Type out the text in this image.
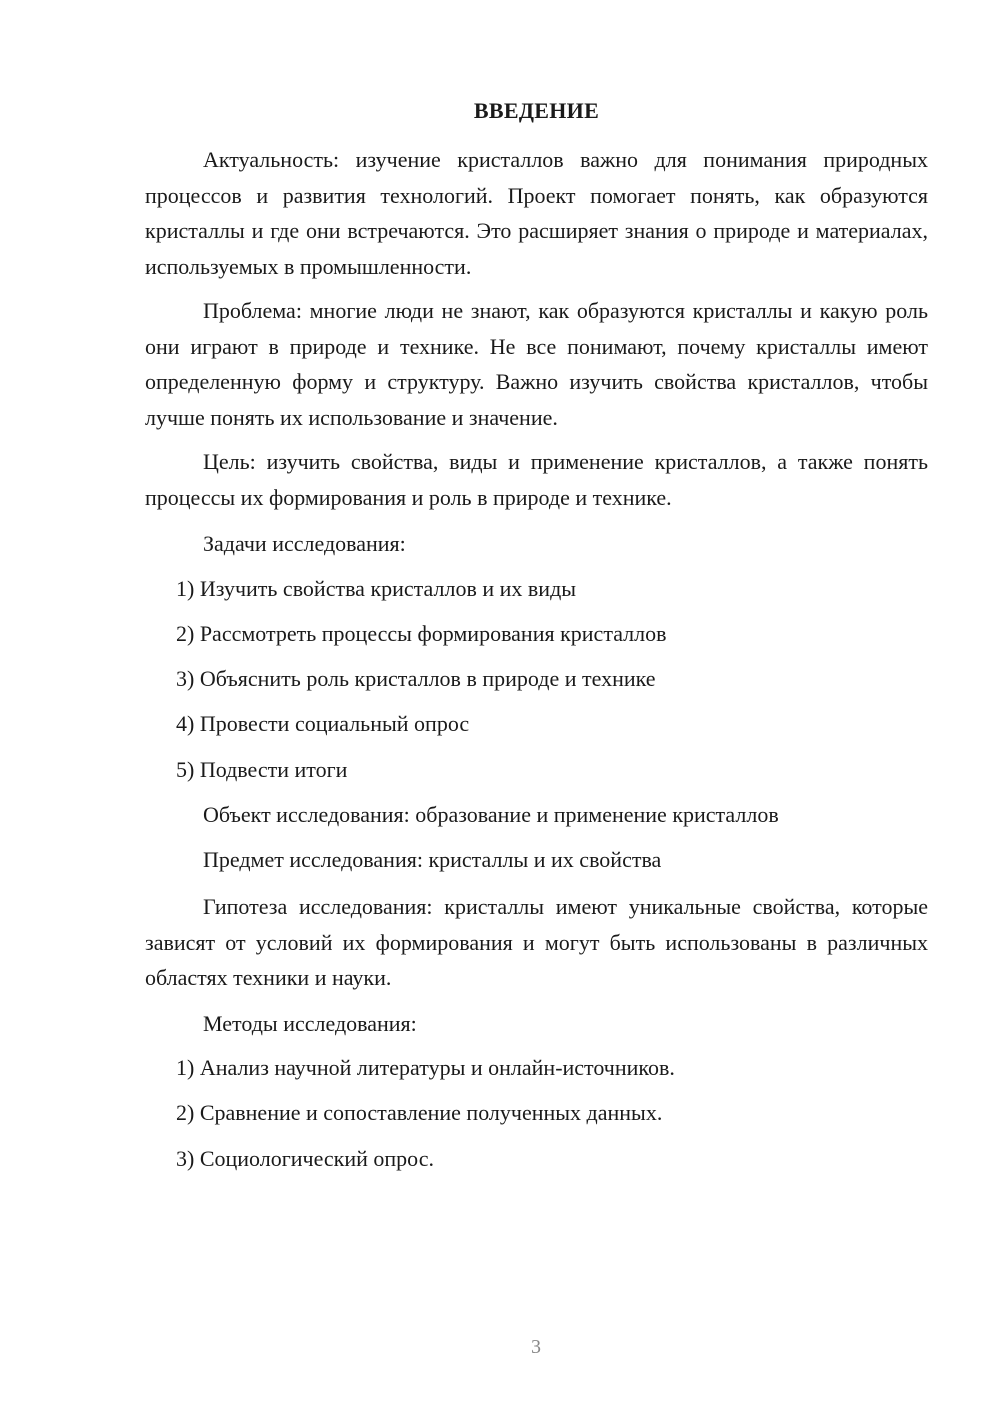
ВВЕДЕНИЕ

Актуальность: изучение кристаллов важно для понимания природных процессов и развития технологий. Проект помогает понять, как образуются кристаллы и где они встречаются. Это расширяет знания о природе и материалах, используемых в промышленности.

Проблема: многие люди не знают, как образуются кристаллы и какую роль они играют в природе и технике. Не все понимают, почему кристаллы имеют определенную форму и структуру. Важно изучить свойства кристаллов, чтобы лучше понять их использование и значение.

Цель: изучить свойства, виды и применение кристаллов, а также понять процессы их формирования и роль в природе и технике.

Задачи исследования:

1) Изучить свойства кристаллов и их виды

2) Рассмотреть процессы формирования кристаллов

3) Объяснить роль кристаллов в природе и технике

4) Провести социальный опрос

5) Подвести итоги

Объект исследования: образование и применение кристаллов

Предмет исследования: кристаллы и их свойства

Гипотеза исследования: кристаллы имеют уникальные свойства, которые зависят от условий их формирования и могут быть использованы в различных областях техники и науки.

Методы исследования:

1) Анализ научной литературы и онлайн-источников.

2) Сравнение и сопоставление полученных данных.

3) Социологический опрос.

3
